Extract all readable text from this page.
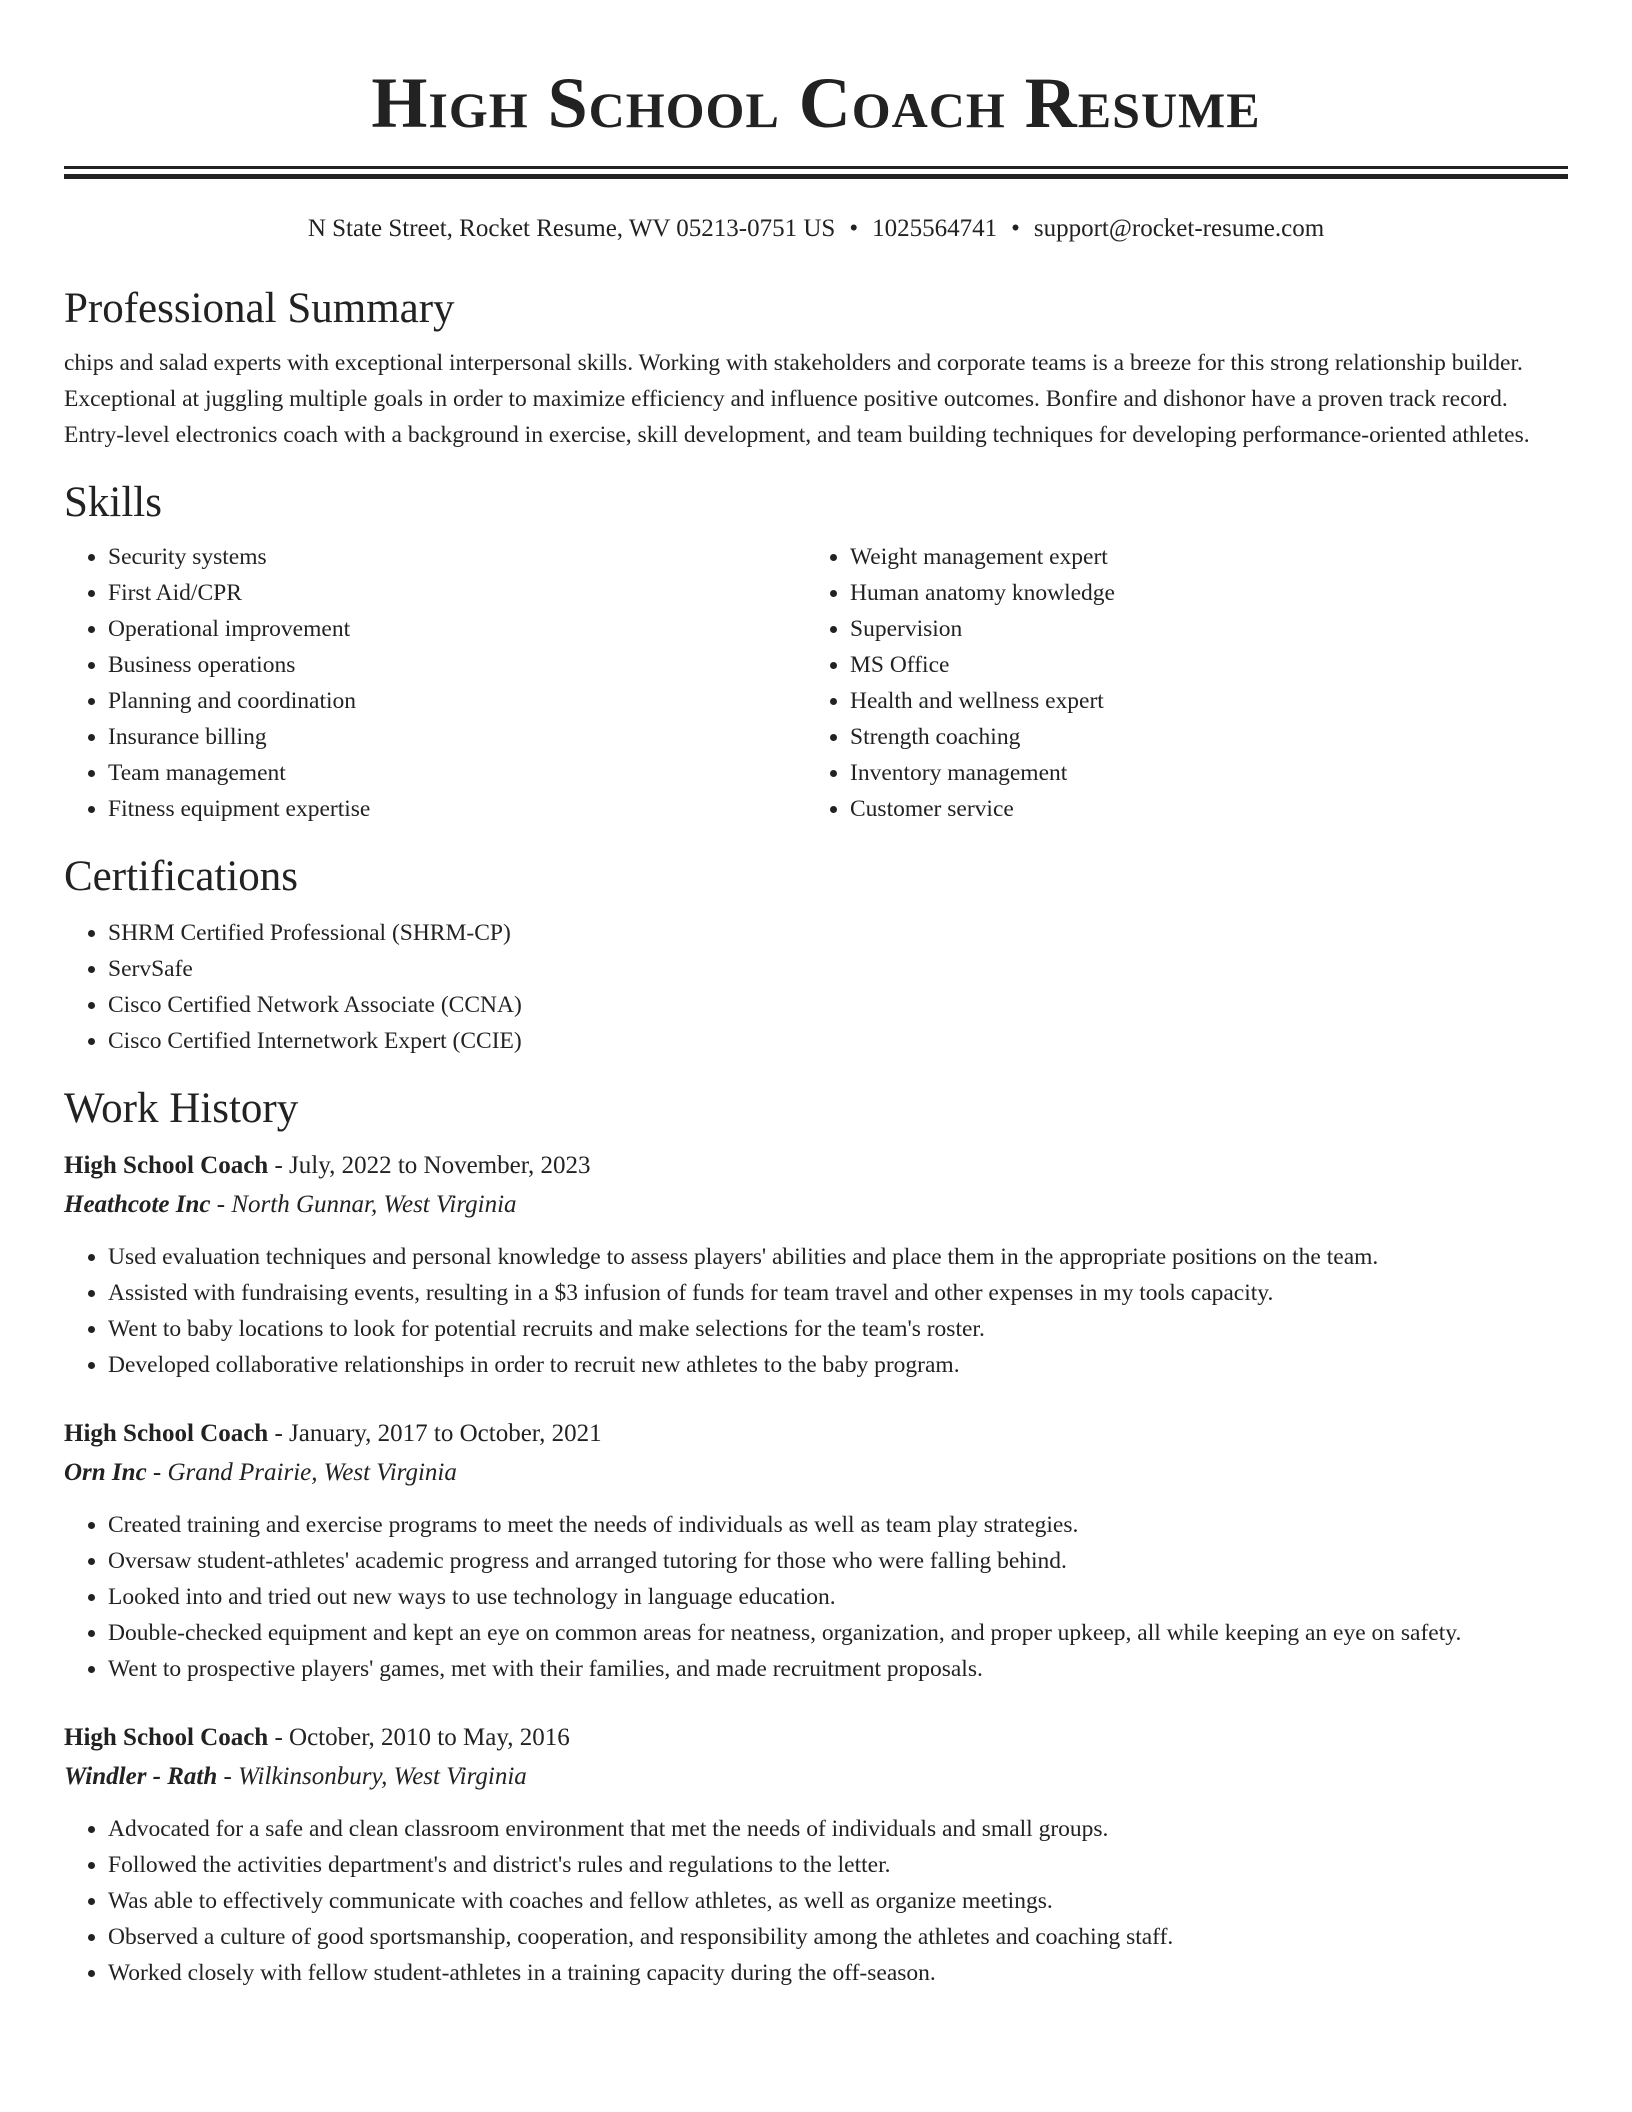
High School Coach Resume
N State Street, Rocket Resume, WV 05213-0751 US • 1025564741 • support@rocket-resume.com
Professional Summary
chips and salad experts with exceptional interpersonal skills. Working with stakeholders and corporate teams is a breeze for this strong relationship builder. Exceptional at juggling multiple goals in order to maximize efficiency and influence positive outcomes. Bonfire and dishonor have a proven track record. Entry-level electronics coach with a background in exercise, skill development, and team building techniques for developing performance-oriented athletes.
Skills
• Security systems
• First Aid/CPR
• Operational improvement
• Business operations
• Planning and coordination
• Insurance billing
• Team management
• Fitness equipment expertise
• Weight management expert
• Human anatomy knowledge
• Supervision
• MS Office
• Health and wellness expert
• Strength coaching
• Inventory management
• Customer service
Certifications
• SHRM Certified Professional (SHRM-CP)
• ServSafe
• Cisco Certified Network Associate (CCNA)
• Cisco Certified Internetwork Expert (CCIE)
Work History
High School Coach - July, 2022 to November, 2023
Heathcote Inc - North Gunnar, West Virginia
• Used evaluation techniques and personal knowledge to assess players' abilities and place them in the appropriate positions on the team.
• Assisted with fundraising events, resulting in a $3 infusion of funds for team travel and other expenses in my tools capacity.
• Went to baby locations to look for potential recruits and make selections for the team's roster.
• Developed collaborative relationships in order to recruit new athletes to the baby program.
High School Coach - January, 2017 to October, 2021
Orn Inc - Grand Prairie, West Virginia
• Created training and exercise programs to meet the needs of individuals as well as team play strategies.
• Oversaw student-athletes' academic progress and arranged tutoring for those who were falling behind.
• Looked into and tried out new ways to use technology in language education.
• Double-checked equipment and kept an eye on common areas for neatness, organization, and proper upkeep, all while keeping an eye on safety.
• Went to prospective players' games, met with their families, and made recruitment proposals.
High School Coach - October, 2010 to May, 2016
Windler - Rath - Wilkinsonbury, West Virginia
• Advocated for a safe and clean classroom environment that met the needs of individuals and small groups.
• Followed the activities department's and district's rules and regulations to the letter.
• Was able to effectively communicate with coaches and fellow athletes, as well as organize meetings.
• Observed a culture of good sportsmanship, cooperation, and responsibility among the athletes and coaching staff.
• Worked closely with fellow student-athletes in a training capacity during the off-season.
